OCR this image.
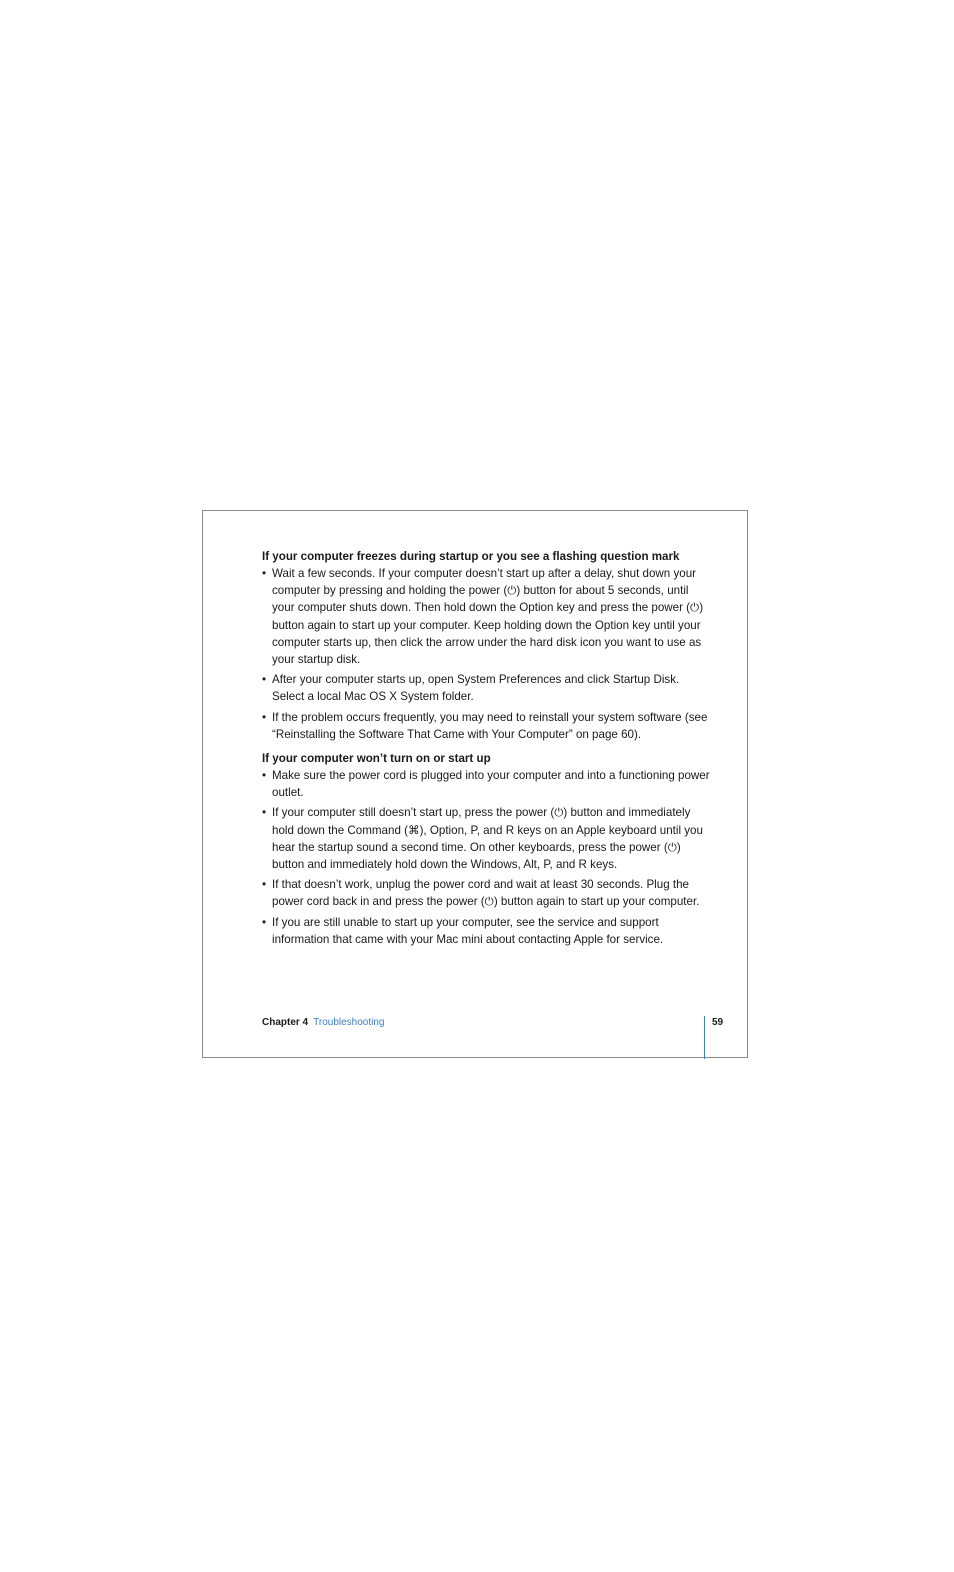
If your computer freezes during startup or you see a flashing question mark
• Wait a few seconds. If your computer doesn’t start up after a delay, shut down your computer by pressing and holding the power (⏻) button for about 5 seconds, until your computer shuts down. Then hold down the Option key and press the power (⏻) button again to start up your computer. Keep holding down the Option key until your computer starts up, then click the arrow under the hard disk icon you want to use as your startup disk.
• After your computer starts up, open System Preferences and click Startup Disk. Select a local Mac OS X System folder.
• If the problem occurs frequently, you may need to reinstall your system software (see “Reinstalling the Software That Came with Your Computer” on page 60).
If your computer won’t turn on or start up
• Make sure the power cord is plugged into your computer and into a functioning power outlet.
• If your computer still doesn’t start up, press the power (⏻) button and immediately hold down the Command (⌘), Option, P, and R keys on an Apple keyboard until you hear the startup sound a second time. On other keyboards, press the power (⏻) button and immediately hold down the Windows, Alt, P, and R keys.
• If that doesn’t work, unplug the power cord and wait at least 30 seconds. Plug the power cord back in and press the power (⏻) button again to start up your computer.
• If you are still unable to start up your computer, see the service and support information that came with your Mac mini about contacting Apple for service.
Chapter 4 Troubleshooting	59
